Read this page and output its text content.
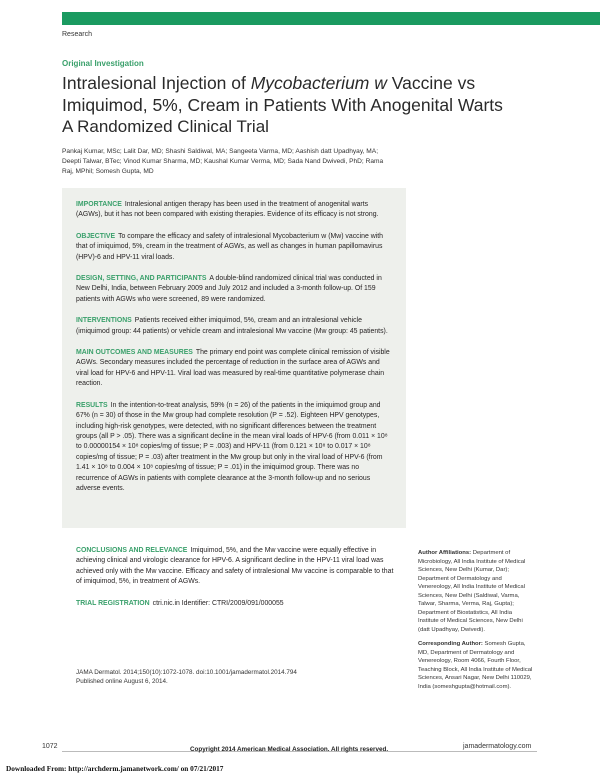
Research
Original Investigation
Intralesional Injection of Mycobacterium w Vaccine vs Imiquimod, 5%, Cream in Patients With Anogenital Warts
A Randomized Clinical Trial
Pankaj Kumar, MSc; Lalit Dar, MD; Shashi Saldiwal, MA; Sangeeta Varma, MD; Aashish datt Upadhyay, MA; Deepti Talwar, BTec; Vinod Kumar Sharma, MD; Kaushal Kumar Verma, MD; Sada Nand Dwivedi, PhD; Rama Raj, MPhil; Somesh Gupta, MD

IMPORTANCE Intralesional antigen therapy has been used in the treatment of anogenital warts (AGWs), but it has not been compared with existing therapies. Evidence of its efficacy is not strong.

OBJECTIVE To compare the efficacy and safety of intralesional Mycobacterium w (Mw) vaccine with that of imiquimod, 5%, cream in the treatment of AGWs, as well as changes in human papillomavirus (HPV)-6 and HPV-11 viral loads.

DESIGN, SETTING, AND PARTICIPANTS A double-blind randomized clinical trial was conducted in New Delhi, India, between February 2009 and July 2012 and included a 3-month follow-up. Of 159 patients with AGWs who were screened, 89 were randomized.

INTERVENTIONS Patients received either imiquimod, 5%, cream and an intralesional vehicle (imiquimod group: 44 patients) or vehicle cream and intralesional Mw vaccine (Mw group: 45 patients).

MAIN OUTCOMES AND MEASURES The primary end point was complete clinical remission of visible AGWs. Secondary measures included the percentage of reduction in the surface area of AGWs and viral load for HPV-6 and HPV-11. Viral load was measured by real-time quantitative polymerase chain reaction.

RESULTS In the intention-to-treat analysis, 59% (n = 26) of the patients in the imiquimod group and 67% (n = 30) of those in the Mw group had complete resolution (P = .52). Eighteen HPV genotypes, including high-risk genotypes, were detected, with no significant differences between the treatment groups (all P > .05). There was a significant decline in the mean viral loads of HPV-6 (from 0.011 × 10⁸ to 0.00000154 × 10⁸ copies/mg of tissue; P = .003) and HPV-11 (from 0.121 × 10⁸ to 0.017 × 10⁸ copies/mg of tissue; P = .03) after treatment in the Mw group but only in the viral load of HPV-6 (from 1.41 × 10⁸ to 0.004 × 10⁸ copies/mg of tissue; P = .01) in the imiquimod group. There was no recurrence of AGWs in patients with complete clearance at the 3-month follow-up and no serious adverse events.

CONCLUSIONS AND RELEVANCE Imiquimod, 5%, and the Mw vaccine were equally effective in achieving clinical and virologic clearance for HPV-6. A significant decline in the HPV-11 viral load was achieved only with the Mw vaccine. Efficacy and safety of intralesional Mw vaccine is comparable to that of imiquimod, 5%, in treatment of AGWs.

TRIAL REGISTRATION ctri.nic.in Identifier: CTRI/2009/091/000055

JAMA Dermatol. 2014;150(10):1072-1078. doi:10.1001/jamadermatol.2014.794
Published online August 6, 2014.

Author Affiliations: Department of Microbiology, All India Institute of Medical Sciences, New Delhi (Kumar, Dar); Department of Dermatology and Venereology, All India Institute of Medical Sciences, New Delhi (Saldiwal, Varma, Talwar, Sharma, Verma, Raj, Gupta); Department of Biostatistics, All India Institute of Medical Sciences, New Delhi (datt Upadhyay, Dwivedi).

Corresponding Author: Somesh Gupta, MD, Department of Dermatology and Venereology, Room 4066, Fourth Floor, Teaching Block, All India Institute of Medical Sciences, Ansari Nagar, New Delhi 110029, India (someshgupta@hotmail.com).

1072	jamadermatology.com
Copyright 2014 American Medical Association. All rights reserved.
Downloaded From: http://archderm.jamanetwork.com/ on 07/21/2017
